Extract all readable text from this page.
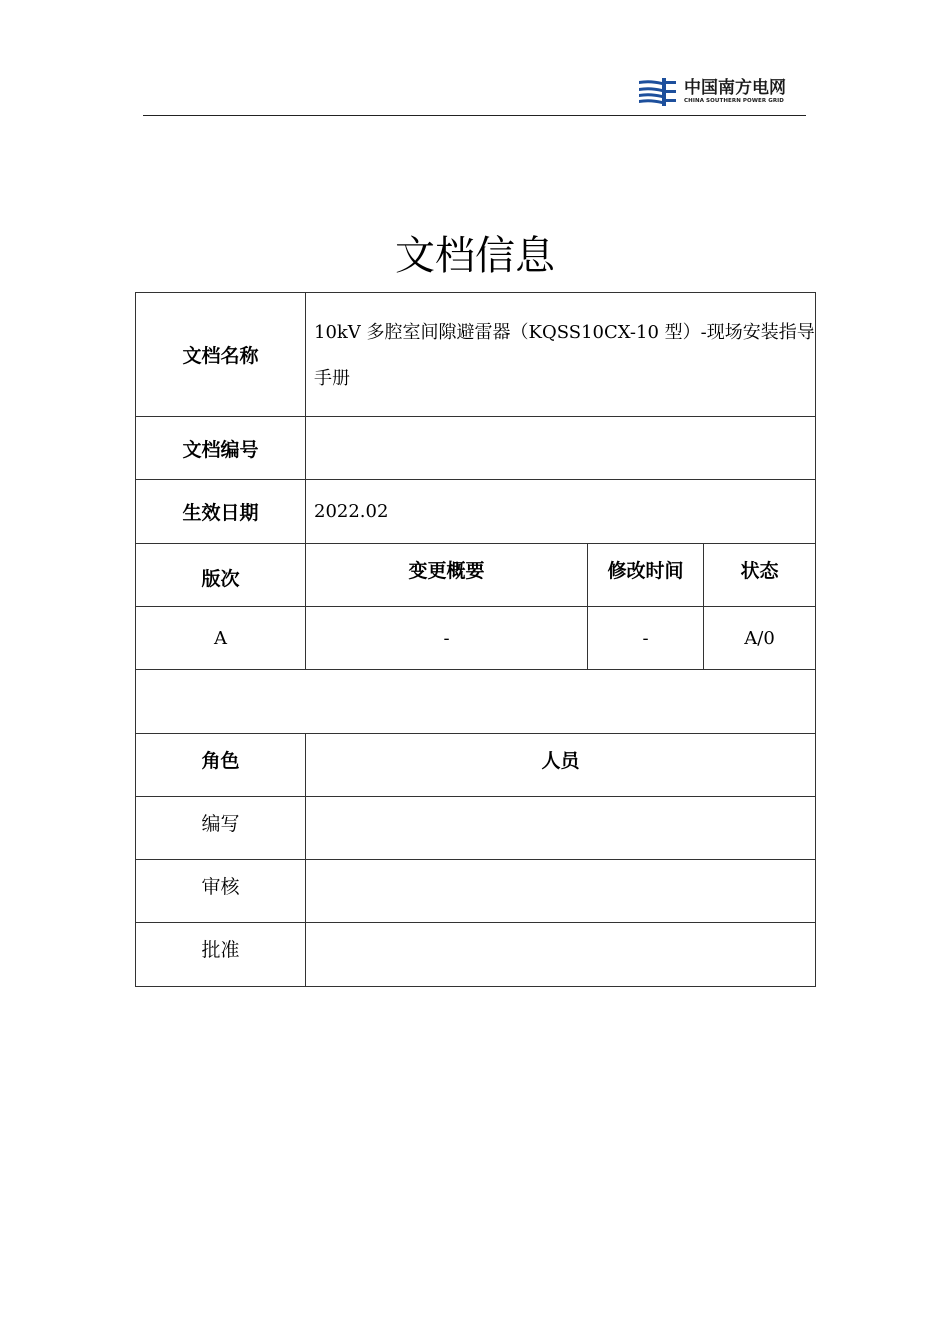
中国南方电网
CHINA SOUTHERN POWER GRID
文档信息
文档名称	10kV 多腔室间隙避雷器（KQSS10CX-10 型）-现场安装指导手册		
文档编号			
生效日期	2022.02		
版次	变更概要	修改时间	状态
A	-	-	A/0

角色	人员		
编写			
审核			
批准			
